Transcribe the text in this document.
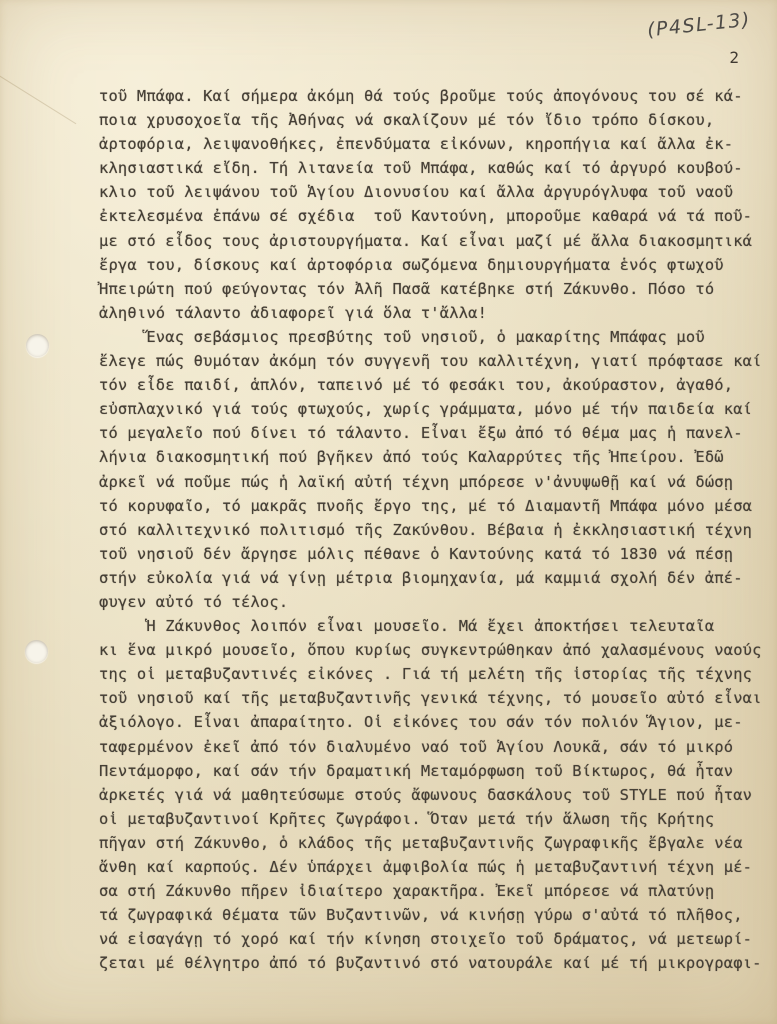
(P4SL-13)
2
τοῦ Μπάφα. Καί σήμερα ἀκόμη θά τούς βροῦμε τούς ἀπογόνους του σέ κά-
ποια χρυσοχοεῖα τῆς Ἀθήνας νά σκαλίζουν μέ τόν ἴδιο τρόπο δίσκου,
ἀρτοφόρια, λειψανοθήκες, ἐπενδύματα εἰκόνων, κηροπήγια καί ἄλλα ἐκ-
κλησιαστικά εἴδη. Τή λιτανεία τοῦ Μπάφα, καθώς καί τό ἀργυρό κουβού-
κλιο τοῦ λειψάνου τοῦ Ἁγίου Διονυσίου καί ἄλλα ἀργυρόγλυφα τοῦ ναοῦ
ἐκτελεσμένα ἐπάνω σέ σχέδια  τοῦ Καντούνη, μποροῦμε καθαρά νά τά ποῦ-
με στό εἶδος τους ἀριστουργήματα. Καί εἶναι μαζί μέ ἄλλα διακοσμητικά
ἔργα του, δίσκους καί ἀρτοφόρια σωζόμενα δημιουργήματα ἑνός φτωχοῦ
Ἠπειρώτη πού φεύγοντας τόν Ἀλῆ Πασᾶ κατέβηκε στή Ζάκυνθο. Πόσο τό
ἀληθινό τάλαντο ἀδιαφορεῖ γιά ὅλα τ'ἄλλα!
Ἕνας σεβάσμιος πρεσβύτης τοῦ νησιοῦ, ὁ μακαρίτης Μπάφας μοῦ
ἔλεγε πώς θυμόταν ἀκόμη τόν συγγενῆ του καλλιτέχνη, γιατί πρόφτασε καί
τόν εἶδε παιδί, ἁπλόν, ταπεινό μέ τό φεσάκι του, ἀκούραστον, ἀγαθό,
εὐσπλαχνικό γιά τούς φτωχούς, χωρίς γράμματα, μόνο μέ τήν παιδεία καί
τό μεγαλεῖο πού δίνει τό τάλαντο. Εἶναι ἔξω ἀπό τό θέμα μας ἡ πανελ-
λήνια διακοσμητική πού βγῆκεν ἀπό τούς Καλαρρύτες τῆς Ἠπείρου. Ἐδῶ
ἀρκεῖ νά ποῦμε πώς ἡ λαϊκή αὐτή τέχνη μπόρεσε ν'ἀνυψωθῇ καί νά δώσῃ
τό κορυφαῖο, τό μακρᾶς πνοῆς ἔργο της, μέ τό Διαμαντῆ Μπάφα μόνο μέσα
στό καλλιτεχνικό πολιτισμό τῆς Ζακύνθου. Βέβαια ἡ ἐκκλησιαστική τέχνη
τοῦ νησιοῦ δέν ἄργησε μόλις πέθανε ὁ Καντούνης κατά τό 1830 νά πέσῃ
στήν εὐκολία γιά νά γίνῃ μέτρια βιομηχανία, μά καμμιά σχολή δέν ἀπέ-
φυγεν αὐτό τό τέλος.
Ἡ Ζάκυνθος λοιπόν εἶναι μουσεῖο. Μά ἔχει ἀποκτήσει τελευταῖα
κι ἕνα μικρό μουσεῖο, ὅπου κυρίως συγκεντρώθηκαν ἀπό χαλασμένους ναούς
της οἱ μεταβυζαντινές εἰκόνες . Γιά τή μελέτη τῆς ἱστορίας τῆς τέχνης
τοῦ νησιοῦ καί τῆς μεταβυζαντινῆς γενικά τέχνης, τό μουσεῖο αὐτό εἶναι
ἀξιόλογο. Εἶναι ἀπαραίτητο. Οἱ εἰκόνες του σάν τόν πολιόν Ἅγιον, με-
ταφερμένον ἐκεῖ ἀπό τόν διαλυμένο ναό τοῦ Ἁγίου Λουκᾶ, σάν τό μικρό
Πεντάμορφο, καί σάν τήν δραματική Μεταμόρφωση τοῦ Βίκτωρος, θά ἦταν
ἀρκετές γιά νά μαθητεύσωμε στούς ἄφωνους δασκάλους τοῦ STYLE πού ἦταν
οἱ μεταβυζαντινοί Κρῆτες ζωγράφοι. Ὅταν μετά τήν ἅλωση τῆς Κρήτης
πῆγαν στή Ζάκυνθο, ὁ κλάδος τῆς μεταβυζαντινῆς ζωγραφικῆς ἔβγαλε νέα
ἄνθη καί καρπούς. Δέν ὑπάρχει ἀμφιβολία πώς ἡ μεταβυζαντινή τέχνη μέ-
σα στή Ζάκυνθο πῆρεν ἰδιαίτερο χαρακτῆρα. Ἐκεῖ μπόρεσε νά πλατύνῃ
τά ζωγραφικά θέματα τῶν Βυζαντινῶν, νά κινήσῃ γύρω σ'αὐτά τό πλῆθος,
νά εἰσαγάγῃ τό χορό καί τήν κίνηση στοιχεῖο τοῦ δράματος, νά μετεωρί-
ζεται μέ θέλγητρο ἀπό τό βυζαντινό στό νατουράλε καί μέ τή μικρογραφι-
